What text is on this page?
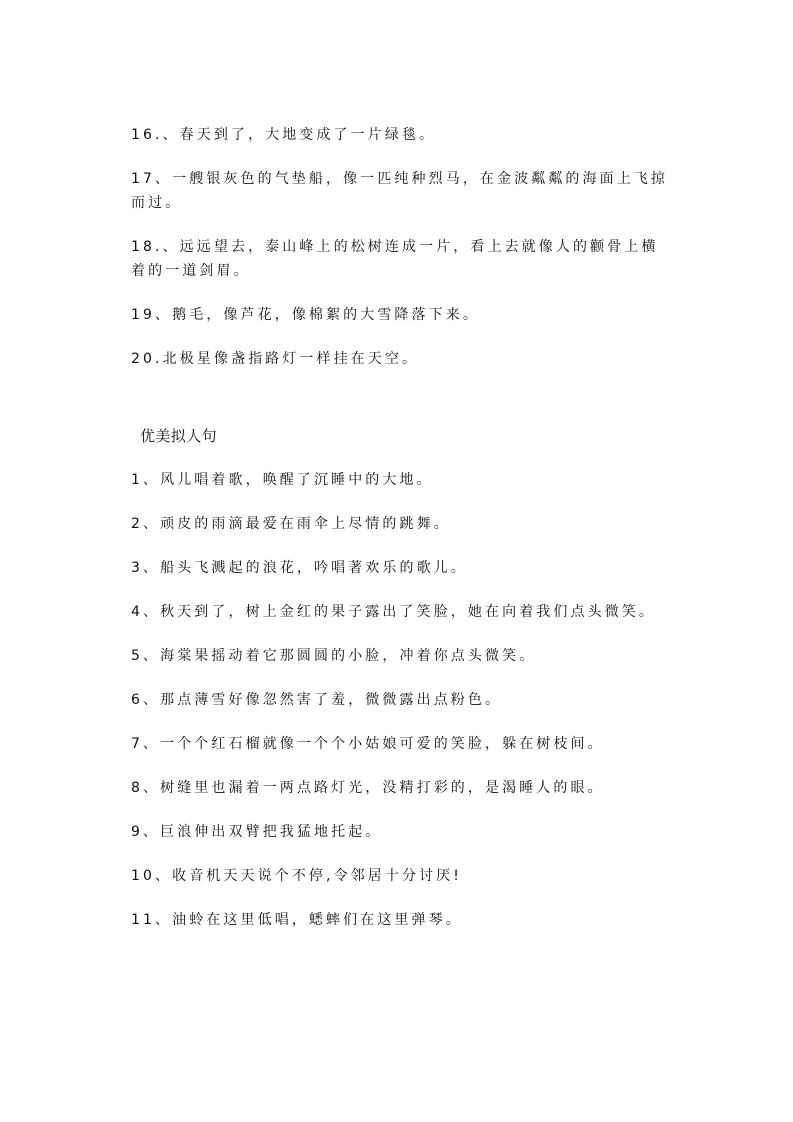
16.、春天到了，大地变成了一片绿毯。

17、一艘银灰色的气垫船，像一匹纯种烈马，在金波粼粼的海面上飞掠而过。

18.、远远望去，泰山峰上的松树连成一片，看上去就像人的颧骨上横着的一道剑眉。

19、鹅毛，像芦花，像棉絮的大雪降落下来。

20.北极星像盏指路灯一样挂在天空。

优美拟人句

1、风儿唱着歌，唤醒了沉睡中的大地。

2、顽皮的雨滴最爱在雨伞上尽情的跳舞。

3、船头飞溅起的浪花，吟唱著欢乐的歌儿。

4、秋天到了，树上金红的果子露出了笑脸，她在向着我们点头微笑。

5、海棠果摇动着它那圆圆的小脸，冲着你点头微笑。

6、那点薄雪好像忽然害了羞，微微露出点粉色。

7、一个个红石榴就像一个个小姑娘可爱的笑脸，躲在树枝间。

8、树缝里也漏着一两点路灯光，没精打彩的，是渴睡人的眼。

9、巨浪伸出双臂把我猛地托起。

10、收音机天天说个不停,令邻居十分讨厌!

11、油蛉在这里低唱，蟋蟀们在这里弹琴。
